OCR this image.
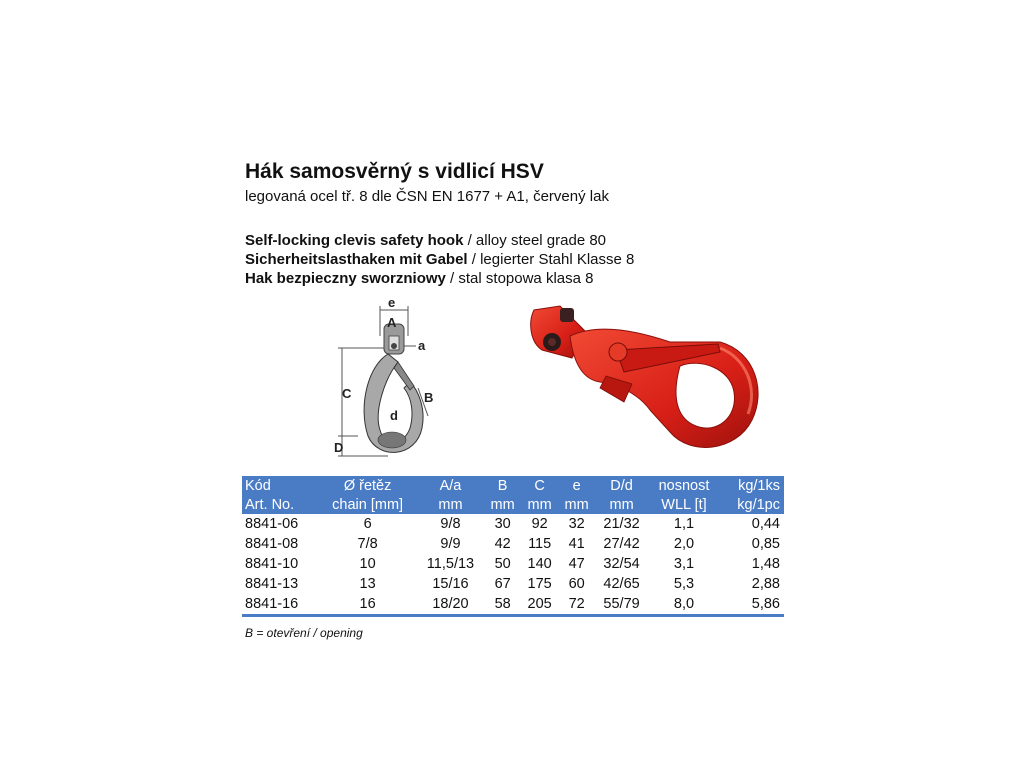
Hák samosvěrný s vidlicí HSV
legovaná ocel tř. 8 dle ČSN EN 1677 + A1, červený lak
Self-locking clevis safety hook / alloy steel grade 80
Sicherheitslasthaken mit Gabel / legierter Stahl Klasse 8
Hak bezpieczny sworzniowy / stal stopowa klasa 8
e
A
a
C	B
d
D
Kód	Ø řetěz	A/a	B	C	e	D/d	nosnost	kg/1ks
Art. No.	chain [mm]	mm	mm	mm	mm	mm	WLL [t]	kg/1pc
8841-06	6	9/8	30	92	32	21/32	1,1	0,44
8841-08	7/8	9/9	42	115	41	27/42	2,0	0,85
8841-10	10	11,5/13	50	140	47	32/54	3,1	1,48
8841-13	13	15/16	67	175	60	42/65	5,3	2,88
8841-16	16	18/20	58	205	72	55/79	8,0	5,86
B = otevření / opening
